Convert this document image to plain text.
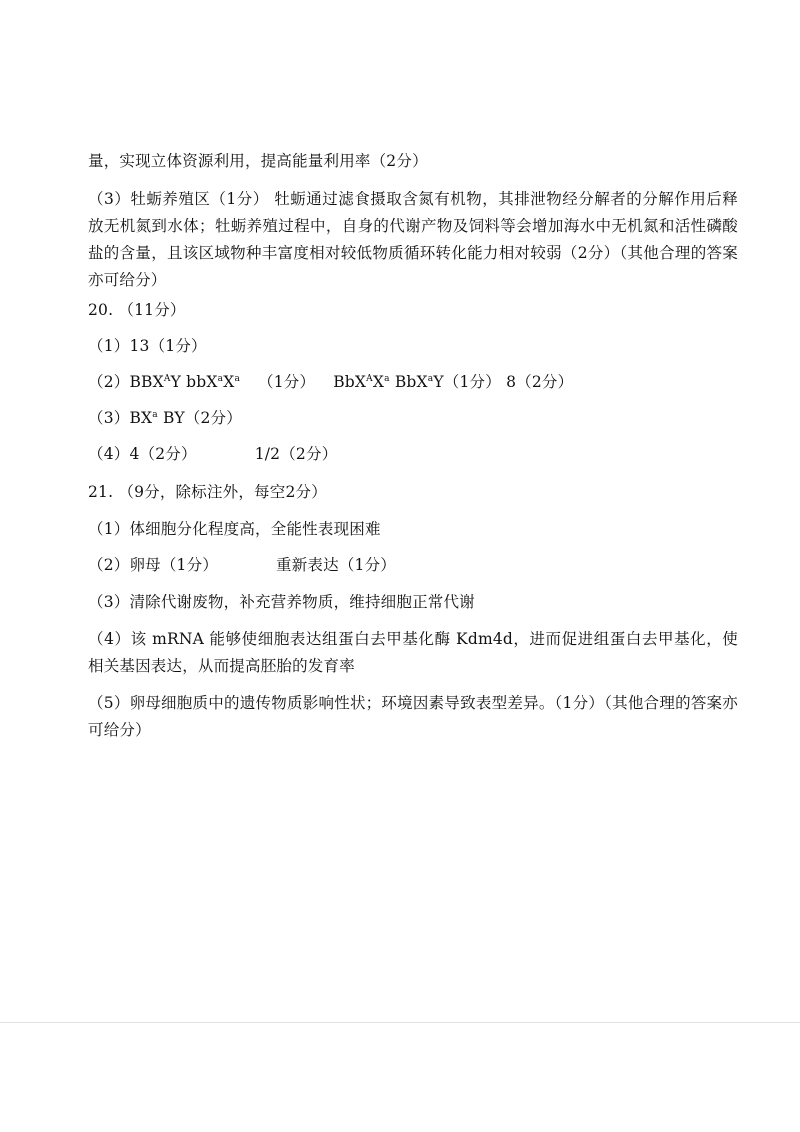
量，实现立体资源利用，提高能量利用率（2分）
（3）牡蛎养殖区（1分） 牡蛎通过滤食摄取含氮有机物，其排泄物经分解者的分解作用后释放无机氮到水体；牡蛎养殖过程中，自身的代谢产物及饲料等会增加海水中无机氮和活性磷酸盐的含量，且该区域物种丰富度相对较低物质循环转化能力相对较弱（2分）（其他合理的答案亦可给分）
20. （11分）
（1）13（1分）
$(2)BBX^AY$ $bbX^aX^a$ （1分） $BbX^AX^a$ BbX$^a$Y（1分） 8（2分）
$(3)BX^a$ BY（2分）
（4）4（2分）	1/2（2分）
21. （9分，除标注外，每空2分）
（1）体细胞分化程度高，全能性表现困难
（2）卵母（1分）	重新表达（1分）
（3）清除代谢废物，补充营养物质，维持细胞正常代谢
（4）该 mRNA 能够使细胞表达组蛋白去甲基化酶 Kdm4d，进而促进组蛋白去甲基化，使相关基因表达，从而提高胚胎的发育率
（5）卵母细胞质中的遗传物质影响性状；环境因素导致表型差异。（1分）（其他合理的答案亦可给分）
